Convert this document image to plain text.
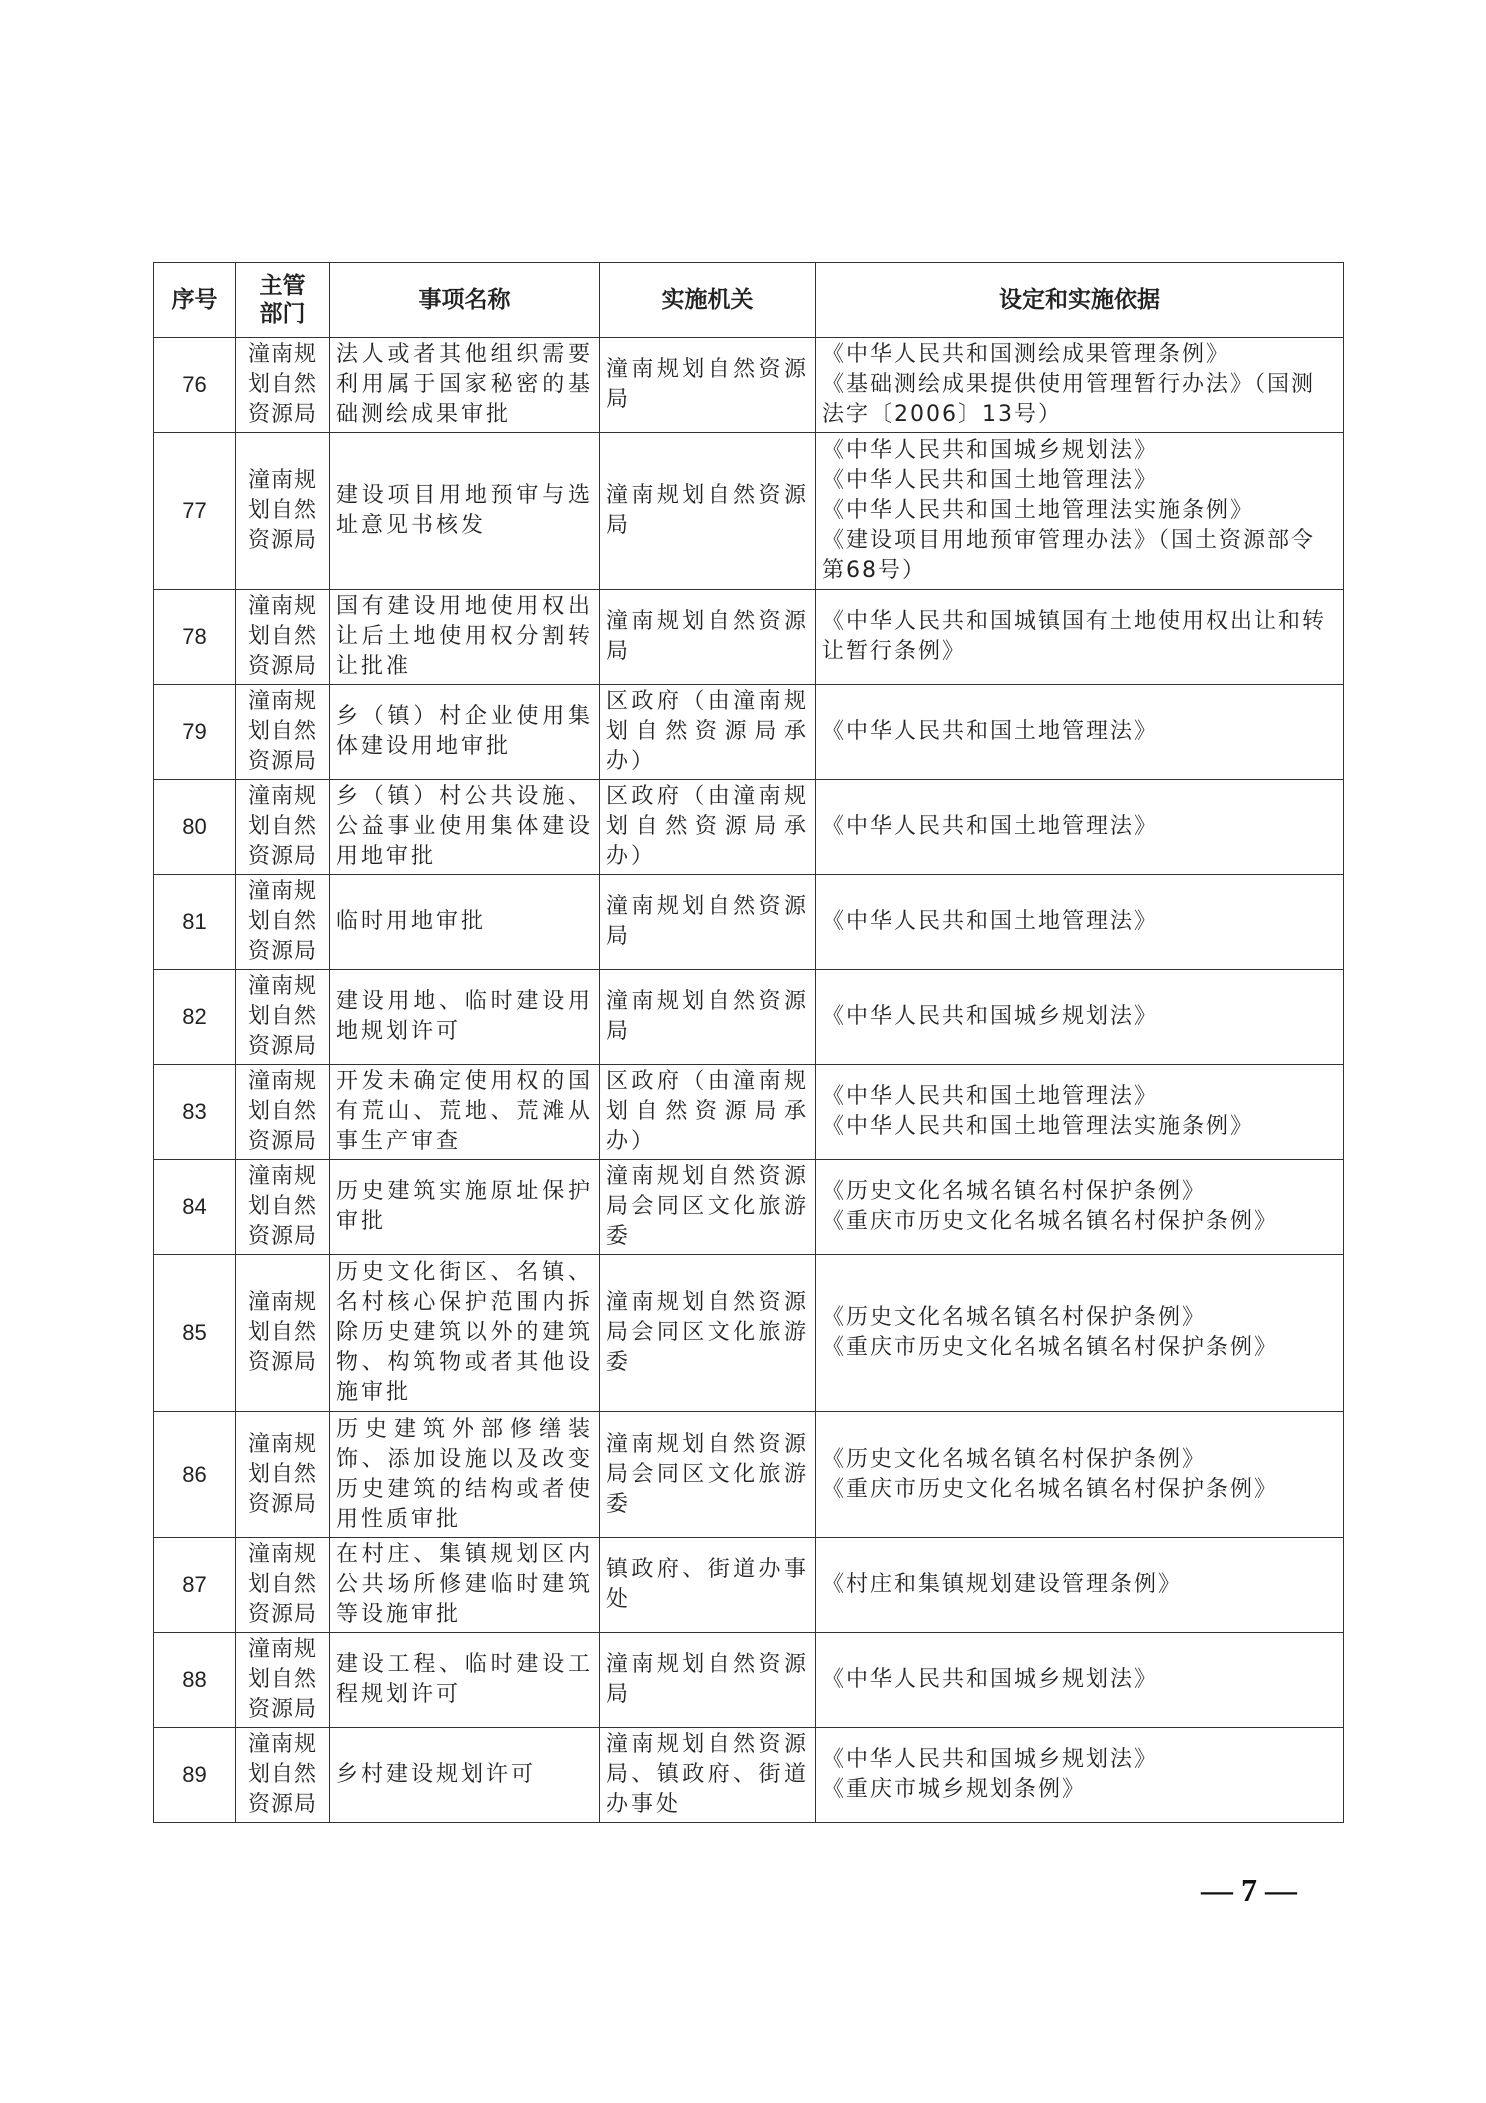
序号	主管部门	事项名称	实施机关	设定和实施依据
76	潼南规划自然资源局	法人或者其他组织需要利用属于国家秘密的基础测绘成果审批	潼南规划自然资源局	《中华人民共和国测绘成果管理条例》
《基础测绘成果提供使用管理暂行办法》（国测法字〔2006〕13号）

77	潼南规划自然资源局	建设项目用地预审与选址意见书核发	潼南规划自然资源局	《中华人民共和国城乡规划法》
《中华人民共和国土地管理法》
《中华人民共和国土地管理法实施条例》
《建设项目用地预审管理办法》（国土资源部令第68号）

78	潼南规划自然资源局	国有建设用地使用权出让后土地使用权分割转让批准	潼南规划自然资源局	《中华人民共和国城镇国有土地使用权出让和转让暂行条例》

79	潼南规划自然资源局	乡（镇）村企业使用集体建设用地审批	区政府（由潼南规划自然资源局承办）	《中华人民共和国土地管理法》

80	潼南规划自然资源局	乡（镇）村公共设施、公益事业使用集体建设用地审批	区政府（由潼南规划自然资源局承办）	《中华人民共和国土地管理法》

81	潼南规划自然资源局	临时用地审批	潼南规划自然资源局	《中华人民共和国土地管理法》

82	潼南规划自然资源局	建设用地、临时建设用地规划许可	潼南规划自然资源局	《中华人民共和国城乡规划法》

83	潼南规划自然资源局	开发未确定使用权的国有荒山、荒地、荒滩从事生产审查	区政府（由潼南规划自然资源局承办）	《中华人民共和国土地管理法》
《中华人民共和国土地管理法实施条例》

84	潼南规划自然资源局	历史建筑实施原址保护审批	潼南规划自然资源局会同区文化旅游委	《历史文化名城名镇名村保护条例》
《重庆市历史文化名城名镇名村保护条例》

85	潼南规划自然资源局	历史文化街区、名镇、名村核心保护范围内拆除历史建筑以外的建筑物、构筑物或者其他设施审批	潼南规划自然资源局会同区文化旅游委	《历史文化名城名镇名村保护条例》
《重庆市历史文化名城名镇名村保护条例》

86	潼南规划自然资源局	历史建筑外部修缮装饰、添加设施以及改变历史建筑的结构或者使用性质审批	潼南规划自然资源局会同区文化旅游委	《历史文化名城名镇名村保护条例》
《重庆市历史文化名城名镇名村保护条例》

87	潼南规划自然资源局	在村庄、集镇规划区内公共场所修建临时建筑等设施审批	镇政府、街道办事处	《村庄和集镇规划建设管理条例》

88	潼南规划自然资源局	建设工程、临时建设工程规划许可	潼南规划自然资源局	《中华人民共和国城乡规划法》

89	潼南规划自然资源局	乡村建设规划许可	潼南规划自然资源局、镇政府、街道办事处	《中华人民共和国城乡规划法》
《重庆市城乡规划条例》
— 7 —
